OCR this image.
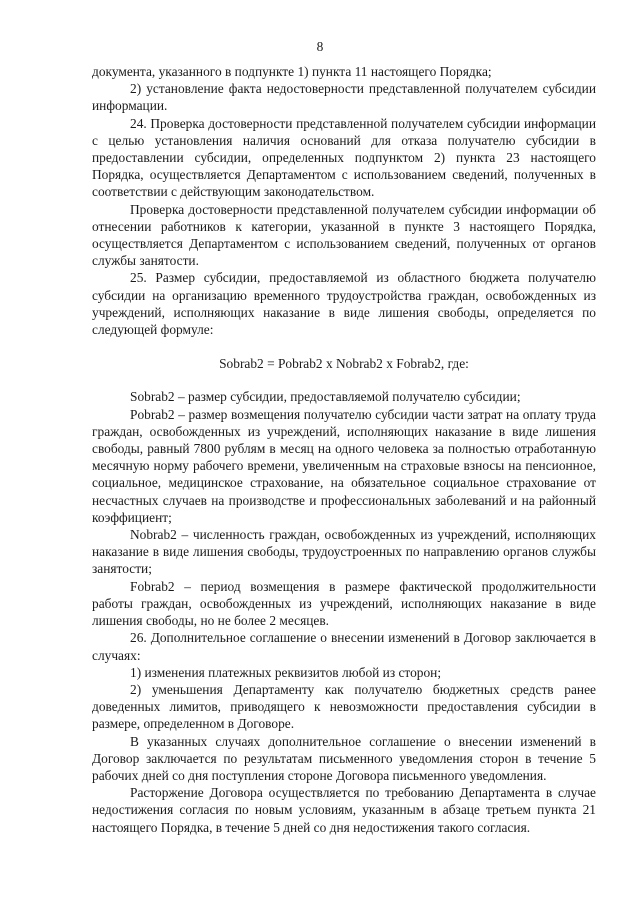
8

документа, указанного в подпункте 1) пункта 11 настоящего Порядка;

2) установление факта недостоверности представленной получателем субсидии информации.

24. Проверка достоверности представленной получателем субсидии информации с целью установления наличия оснований для отказа получателю субсидии в предоставлении субсидии, определенных подпунктом 2) пункта 23 настоящего Порядка, осуществляется Департаментом с использованием сведений, полученных в соответствии с действующим законодательством.

Проверка достоверности представленной получателем субсидии информации об отнесении работников к категории, указанной в пункте 3 настоящего Порядка, осуществляется Департаментом с использованием сведений, полученных от органов службы занятости.

25. Размер субсидии, предоставляемой из областного бюджета получателю субсидии на организацию временного трудоустройства граждан, освобожденных из учреждений, исполняющих наказание в виде лишения свободы, определяется по следующей формуле:

Sobrab2 = Pobrab2 x Nobrab2 x Fobrab2, где:

Sobrab2 – размер субсидии, предоставляемой получателю субсидии;

Pobrab2 – размер возмещения получателю субсидии части затрат на оплату труда граждан, освобожденных из учреждений, исполняющих наказание в виде лишения свободы, равный 7800 рублям в месяц на одного человека за полностью отработанную месячную норму рабочего времени, увеличенным на страховые взносы на пенсионное, социальное, медицинское страхование, на обязательное социальное страхование от несчастных случаев на производстве и профессиональных заболеваний и на районный коэффициент;

Nobrab2 – численность граждан, освобожденных из учреждений, исполняющих наказание в виде лишения свободы, трудоустроенных по направлению органов службы занятости;

Fobrab2 – период возмещения в размере фактической продолжительности работы граждан, освобожденных из учреждений, исполняющих наказание в виде лишения свободы, но не более 2 месяцев.

26. Дополнительное соглашение о внесении изменений в Договор заключается в случаях:

1) изменения платежных реквизитов любой из сторон;

2) уменьшения Департаменту как получателю бюджетных средств ранее доведенных лимитов, приводящего к невозможности предоставления субсидии в размере, определенном в Договоре.

В указанных случаях дополнительное соглашение о внесении изменений в Договор заключается по результатам письменного уведомления сторон в течение 5 рабочих дней со дня поступления стороне Договора письменного уведомления.

Расторжение Договора осуществляется по требованию Департамента в случае недостижения согласия по новым условиям, указанным в абзаце третьем пункта 21 настоящего Порядка, в течение 5 дней со дня недостижения такого согласия.
